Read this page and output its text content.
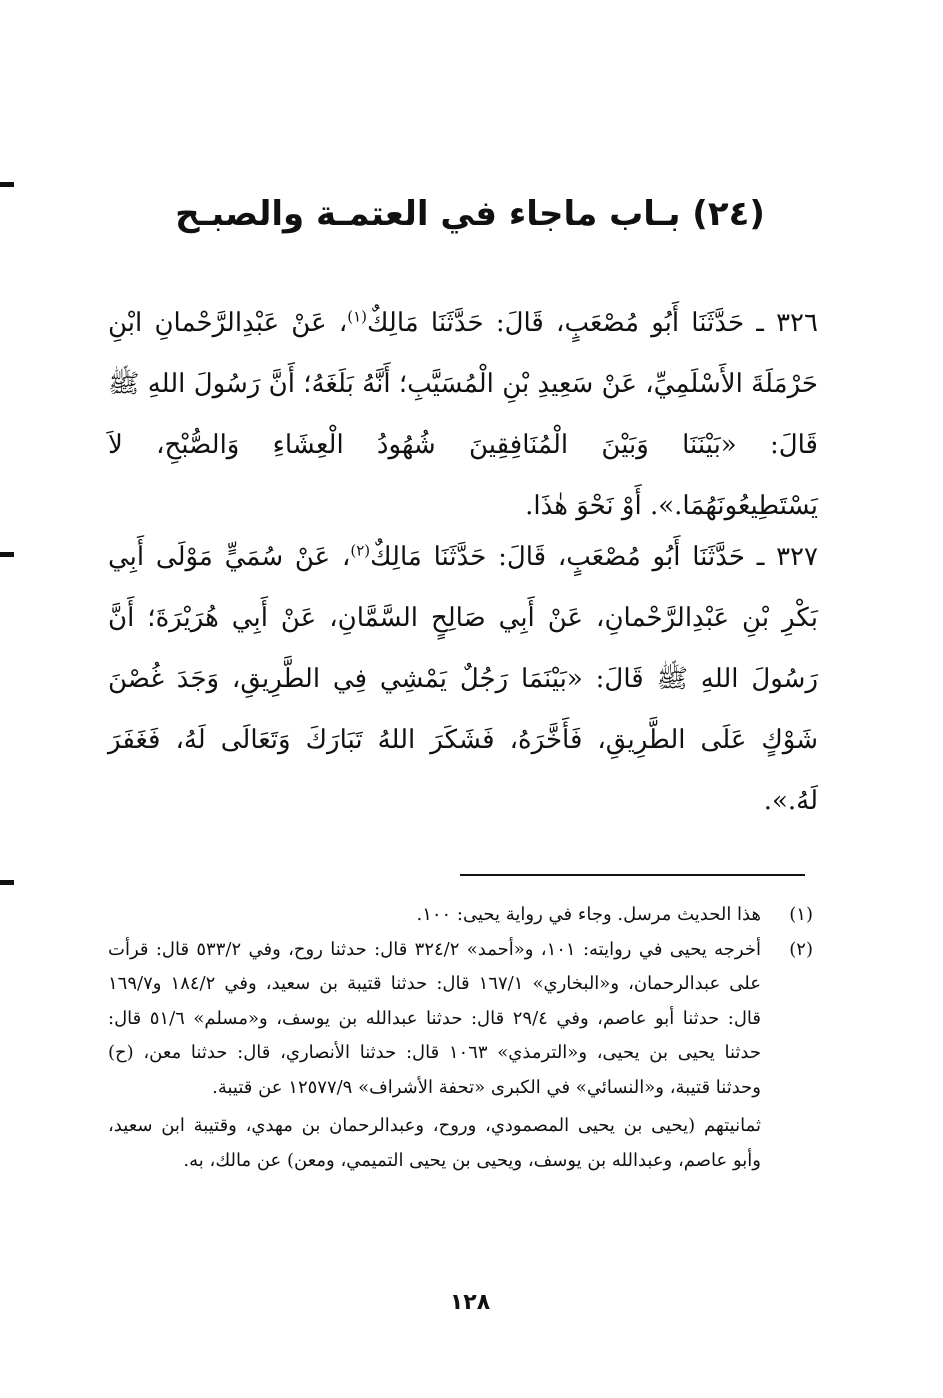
(٢٤) بـاب ماجاء في العتمـة والصبـح

٣٢٦ ـ حَدَّثَنَا أَبُو مُصْعَبٍ، قَالَ: حَدَّثَنَا مَالِكٌ$^{(١)}$، عَنْ عَبْدِالرَّحْمانِ ابْنِ حَرْمَلَةَ الأَسْلَمِيِّ، عَنْ سَعِيدِ بْنِ الْمُسَيَّبِ؛ أَنَّهُ بَلَغَهُ؛ أَنَّ رَسُولَ اللهِ ﷺ قَالَ: «بَيْنَنَا وَبَيْنَ الْمُنَافِقِينَ شُهُودُ الْعِشَاءِ وَالصُّبْحِ، لاَ يَسْتَطِيعُونَهُمَا.». أَوْ نَحْوَ هٰذَا.

٣٢٧ ـ حَدَّثَنَا أَبُو مُصْعَبٍ، قَالَ: حَدَّثَنَا مَالِكٌ$^{(٢)}$، عَنْ سُمَيٍّ مَوْلَى أَبِي بَكْرِ بْنِ عَبْدِالرَّحْمانِ، عَنْ أَبِي صَالِحٍ السَّمَّانِ، عَنْ أَبِي هُرَيْرَةَ؛ أَنَّ رَسُولَ اللهِ ﷺ قَالَ: «بَيْنَمَا رَجُلٌ يَمْشِي فِي الطَّرِيقِ، وَجَدَ غُصْنَ شَوْكٍ عَلَى الطَّرِيقِ، فَأَخَّرَهُ، فَشَكَرَ اللهُ تَبَارَكَ وَتَعَالَى لَهُ، فَغَفَرَ لَهُ.».

(١)
هذا الحديث مرسل. وجاء في رواية يحيى: ١٠٠.
(٢)
أخرجه يحيى في روايته: ١٠١، و«أحمد» ٣٢٤/٢ قال: حدثنا روح، وفي ٥٣٣/٢ قال: قرأت على عبدالرحمان، و«البخاري» ١٦٧/١ قال: حدثنا قتيبة بن سعيد، وفي ١٨٤/٢ و١٦٩/٧ قال: حدثنا أبو عاصم، وفي ٢٩/٤ قال: حدثنا عبدالله بن يوسف، و«مسلم» ٥١/٦ قال: حدثنا يحيى بن يحيى، و«الترمذي» ١٠٦٣ قال: حدثنا الأنصاري، قال: حدثنا معن، (ح) وحدثنا قتيبة، و«النسائي» في الكبرى «تحفة الأشراف» ١٢٥٧٧/٩ عن قتيبة.
ثمانيتهم (يحيى بن يحيى المصمودي، وروح، وعبدالرحمان بن مهدي، وقتيبة ابن سعيد، وأبو عاصم، وعبدالله بن يوسف، ويحيى بن يحيى التميمي، ومعن) عن مالك، به.
١٢٨
